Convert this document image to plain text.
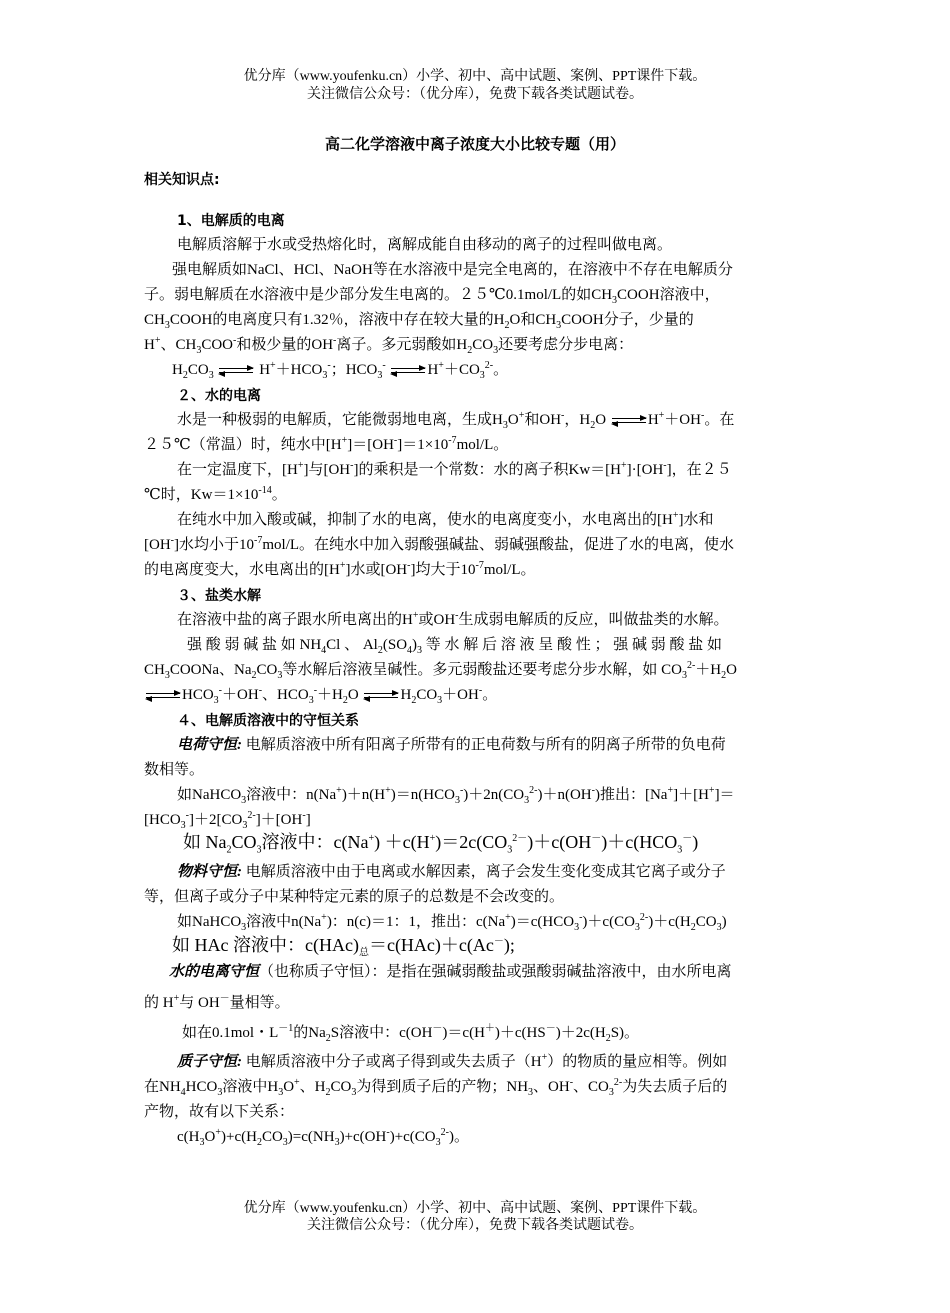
优分库（www.youfenku.cn）小学、初中、高中试题、案例、PPT课件下载。
关注微信公众号：（优分库），免费下载各类试题试卷。
高二化学溶液中离子浓度大小比较专题（用）
相关知识点:
1、电解质的电离
电解质溶解于水或受热熔化时，离解成能自由移动的离子的过程叫做电离。
强电解质如NaCl、HCl、NaOH等在水溶液中是完全电离的，在溶液中不存在电解质分
子。弱电解质在水溶液中是少部分发生电离的。２５℃0.1mol/L的如$CH_3COOH$溶液中，
$CH_3COOH$的电离度只有1.32％，溶液中存在较大量的$H_2O$和$CH_3COOH$分子，少量的
H+、$CH_3COO^-$和极少量的OH-离子。多元弱酸如$H_2CO_3$还要考虑分步电离：
$H_2CO_3$	$H^++HCO_3^-$；$HCO_3^-$	$H^++CO_3^{2-}$。
２、水的电离
水是一种极弱的电解质，它能微弱地电离，生成$H_3O^+$和OH-，$H_2O$	H+＋OH-。在
２５℃（常温）时，纯水中$[H^+]=[OH^-]=1\times 10^{-7}mol/L$。
在一定温度下，[H+]与[OH-]的乘积是一个常数：水的离子积Kw＝[H+]·[OH-]，在２５
℃时，$Kw=1\times 10^{-14}$。
在纯水中加入酸或碱，抑制了水的电离，使水的电离度变小，水电离出的[H+]水和
[OH-]水均小于$10^{-7}mol/L$。在纯水中加入弱酸强碱盐、弱碱强酸盐，促进了水的电离，使水
的电离度变大，水电离出的[H+]水或[OH-]均大于$10^{-7}mol/L$。
３、盐类水解
在溶液中盐的离子跟水所电离出的H+或OH-生成弱电解质的反应，叫做盐类的水解。
强 酸 弱 碱 盐 如 $NH_4Cl$ 、 $Al_2(SO_4)_3$ 等 水 解 后 溶 液 呈 酸 性 ； 强 碱 弱 酸 盐 如
$CH_3COONa$、$Na_2CO_3$等水解后溶液呈碱性。多元弱酸盐还要考虑分步水解，如 $CO_3^{2-}+H_2O$
$HCO_3^-+OH^-$、$HCO_3^-+H_2O$	$H_2CO_3+OH^-$。
４、电解质溶液中的守恒关系
电荷守恒: 电解质溶液中所有阳离子所带有的正电荷数与所有的阴离子所带的负电荷
数相等。
如NaHCO$_3$溶液中：$n(Na^+)+n(H^+)=n(HCO_3^-)+2n(CO_3^{2-})+n(OH^-)$推出：[Na+]＋[H+]＝
$[HCO_3^-]+2[CO_3^{2-}]+[OH^-]$
如 $Na_2CO_3$溶液中：$c(Na^+) +c(H^+)=2c(CO_3^{2-})+c(OH^-)+c(HCO_3^-)$
物料守恒: 电解质溶液中由于电离或水解因素，离子会发生变化变成其它离子或分子
等，但离子或分子中某种特定元素的原子的总数是不会改变的。
如NaHCO$_3$溶液中n(Na+)：n(c)＝1：1，推出：$c(Na^+)=c(HCO_3^-)+c(CO_3^{2-})+c(H_2CO_3)$
如 HAc 溶液中：$c(HAc)_总=c(HAc)+c(Ac^-)$;
水的电离守恒（也称质子守恒）：是指在强碱弱酸盐或强酸弱碱盐溶液中，由水所电离
的 H+与 OH－量相等。
如在0.1mol・$L^{-1}$的$Na_2S$溶液中：$c(OH^-)=c(H^+)+c(HS^-)+2c(H_2S)$。
质子守恒: 电解质溶液中分子或离子得到或失去质子（H+）的物质的量应相等。例如
在$NH_4HCO_3$溶液中$H_3O^+$、$H_2CO_3$为得到质子后的产物；$NH_3$、OH-、$CO_3^{2-}$为失去质子后的
产物，故有以下关系：
$c(H_3O^+)+c(H_2CO_3)=c(NH_3)+c(OH^-)+c(CO_3^{2-})$。
优分库（www.youfenku.cn）小学、初中、高中试题、案例、PPT课件下载。
关注微信公众号：（优分库），免费下载各类试题试卷。
